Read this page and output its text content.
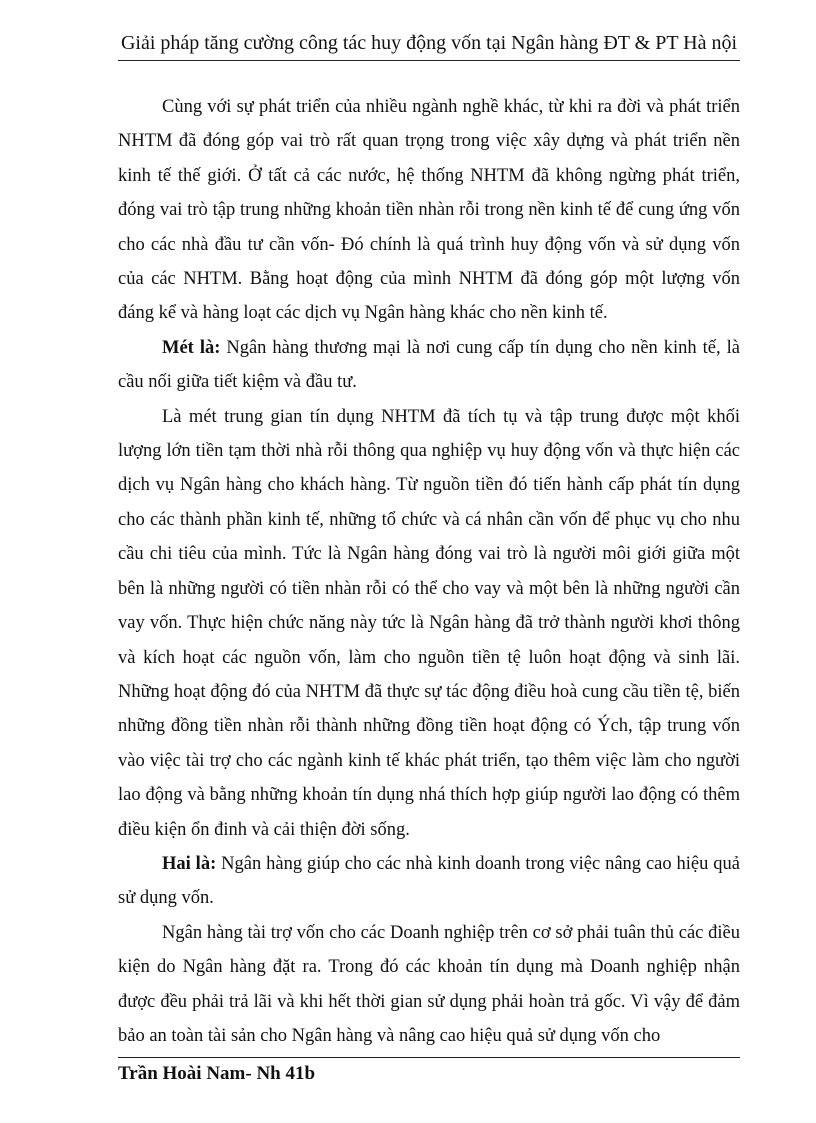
Giải pháp tăng cường công tác huy động vốn tại Ngân hàng ĐT & PT Hà nội

Cùng với sự phát triển của nhiều ngành nghề khác, từ khi ra đời và phát triển NHTM đã đóng góp vai trò rất quan trọng trong việc xây dựng và phát triển nền kinh tế thế giới. Ở tất cả các nước, hệ thống NHTM đã không ngừng phát triển, đóng vai trò tập trung những khoản tiền nhàn rỗi trong nền kinh tế để cung ứng vốn cho các nhà đầu tư cần vốn- Đó chính là quá trình huy động vốn và sử dụng vốn của các NHTM. Bằng hoạt động của mình NHTM đã đóng góp một lượng vốn đáng kể và hàng loạt các dịch vụ Ngân hàng khác cho nền kinh tế.

Mét là: Ngân hàng thương mại là nơi cung cấp tín dụng cho nền kinh tế, là cầu nối giữa tiết kiệm và đầu tư.

Là mét trung gian tín dụng NHTM đã tích tụ và tập trung được một khối lượng lớn tiền tạm thời nhà rỗi thông qua nghiệp vụ huy động vốn và thực hiện các dịch vụ Ngân hàng cho khách hàng. Từ nguồn tiền đó tiến hành cấp phát tín dụng cho các thành phần kinh tế, những tổ chức và cá nhân cần vốn để phục vụ cho nhu cầu chi tiêu của mình. Tức là Ngân hàng đóng vai trò là người môi giới giữa một bên là những người có tiền nhàn rỗi có thể cho vay và một bên là những người cần vay vốn. Thực hiện chức năng này tức là Ngân hàng đã trở thành người khơi thông và kích hoạt các nguồn vốn, làm cho nguồn tiền tệ luôn hoạt động và sinh lãi. Những hoạt động đó của NHTM đã thực sự tác động điều hoà cung cầu tiền tệ, biến những đồng tiền nhàn rỗi thành những đồng tiền hoạt động có Ých, tập trung vốn vào việc tài trợ cho các ngành kinh tế khác phát triển, tạo thêm việc làm cho người lao động và bằng những khoản tín dụng nhá thích hợp giúp người lao động có thêm điều kiện ổn đinh và cải thiện đời sống.

Hai là: Ngân hàng giúp cho các nhà kinh doanh trong việc nâng cao hiệu quả sử dụng vốn.

Ngân hàng tài trợ vốn cho các Doanh nghiệp trên cơ sở phải tuân thủ các điều kiện do Ngân hàng đặt ra. Trong đó các khoản tín dụng mà Doanh nghiệp nhận được đều phải trả lãi và khi hết thời gian sử dụng phải hoàn trả gốc. Vì vậy để đảm bảo an toàn tài sản cho Ngân hàng và nâng cao hiệu quả sử dụng vốn cho

Trần Hoài Nam- Nh 41b
